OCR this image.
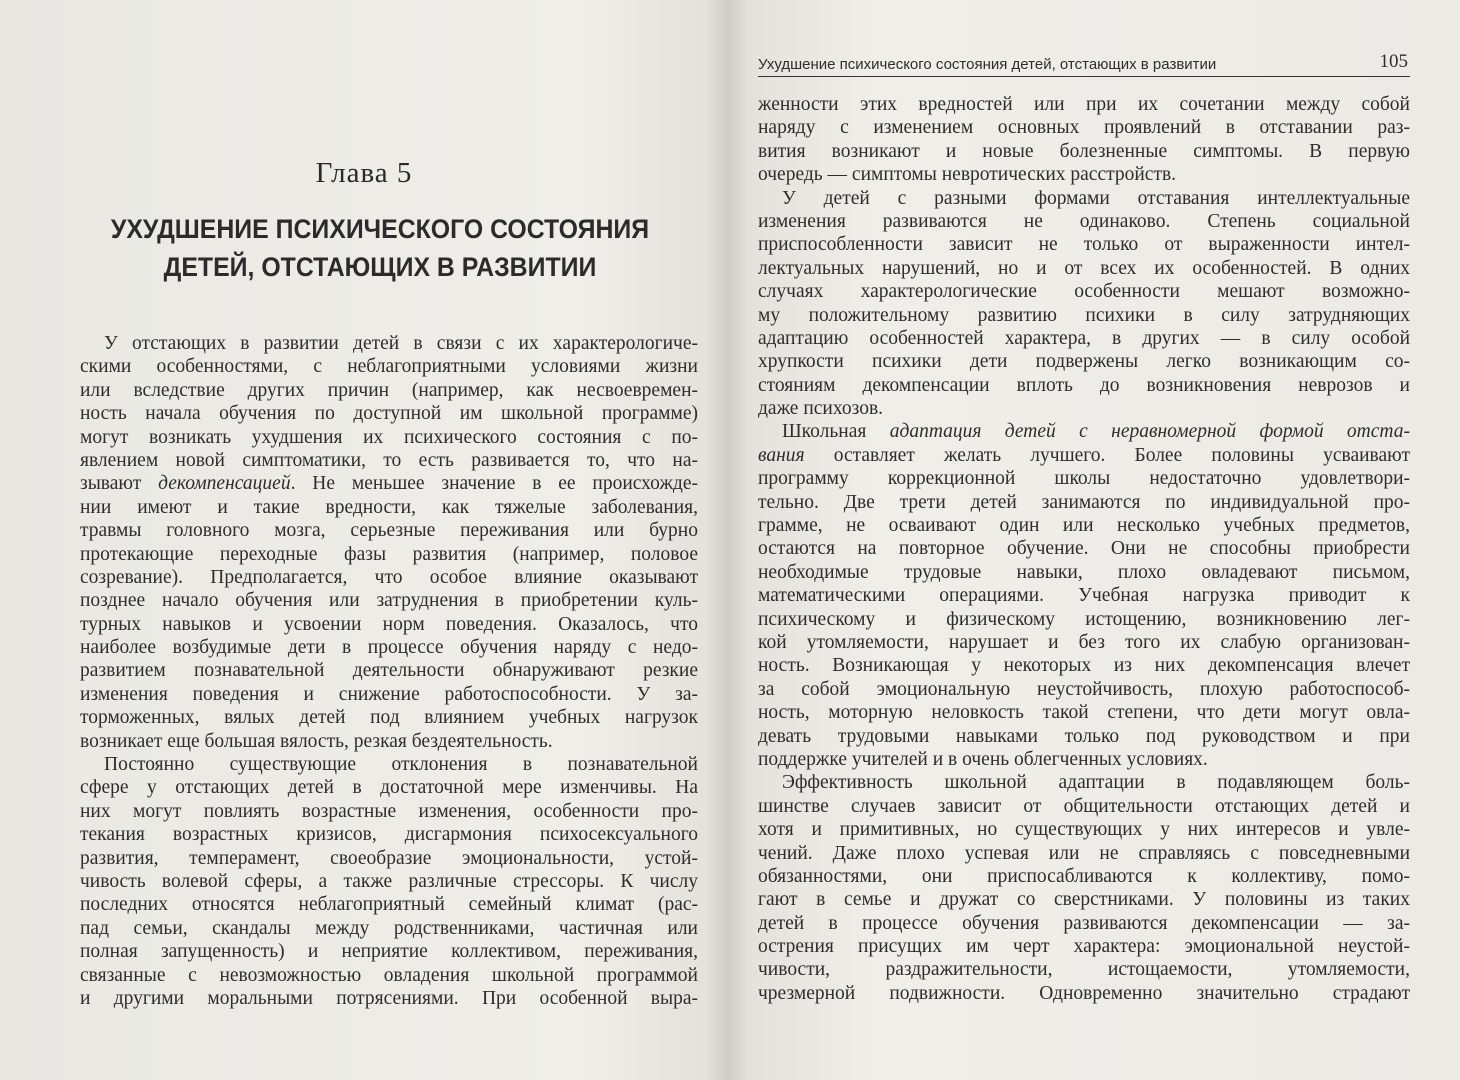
Глава 5
УХУДШЕНИЕ ПСИХИЧЕСКОГО СОСТОЯНИЯ
ДЕТЕЙ, ОТСТАЮЩИХ В РАЗВИТИИ
У отстающих в развитии детей в связи с их характерологиче-
скими особенностями, с неблагоприятными условиями жизни
или вследствие других причин (например, как несвоевремен-
ность начала обучения по доступной им школьной программе)
могут возникать ухудшения их психического состояния с по-
явлением новой симптоматики, то есть развивается то, что на-
зывают декомпенсацией. Не меньшее значение в ее происхожде-
нии имеют и такие вредности, как тяжелые заболевания,
травмы головного мозга, серьезные переживания или бурно
протекающие переходные фазы развития (например, половое
созревание). Предполагается, что особое влияние оказывают
позднее начало обучения или затруднения в приобретении куль-
турных навыков и усвоении норм поведения. Оказалось, что
наиболее возбудимые дети в процессе обучения наряду с недо-
развитием познавательной деятельности обнаруживают резкие
изменения поведения и снижение работоспособности. У за-
торможенных, вялых детей под влиянием учебных нагрузок
возникает еще большая вялость, резкая бездеятельность.
Постоянно существующие отклонения в познавательной
сфере у отстающих детей в достаточной мере изменчивы. На
них могут повлиять возрастные изменения, особенности про-
текания возрастных кризисов, дисгармония психосексуального
развития, темперамент, своеобразие эмоциональности, устой-
чивость волевой сферы, а также различные стрессоры. К числу
последних относятся неблагоприятный семейный климат (рас-
пад семьи, скандалы между родственниками, частичная или
полная запущенность) и неприятие коллективом, переживания,
связанные с невозможностью овладения школьной программой
и другими моральными потрясениями. При особенной выра-
Ухудшение психического состояния детей, отстающих в развитии	105
женности этих вредностей или при их сочетании между собой
наряду с изменением основных проявлений в отставании раз-
вития возникают и новые болезненные симптомы. В первую
очередь — симптомы невротических расстройств.
У детей с разными формами отставания интеллектуальные
изменения развиваются не одинаково. Степень социальной
приспособленности зависит не только от выраженности интел-
лектуальных нарушений, но и от всех их особенностей. В одних
случаях характерологические особенности мешают возможно-
му положительному развитию психики в силу затрудняющих
адаптацию особенностей характера, в других — в силу особой
хрупкости психики дети подвержены легко возникающим со-
стояниям декомпенсации вплоть до возникновения неврозов и
даже психозов.
Школьная адаптация детей с неравномерной формой отста-
вания оставляет желать лучшего. Более половины усваивают
программу коррекционной школы недостаточно удовлетвори-
тельно. Две трети детей занимаются по индивидуальной про-
грамме, не осваивают один или несколько учебных предметов,
остаются на повторное обучение. Они не способны приобрести
необходимые трудовые навыки, плохо овладевают письмом,
математическими операциями. Учебная нагрузка приводит к
психическому и физическому истощению, возникновению лег-
кой утомляемости, нарушает и без того их слабую организован-
ность. Возникающая у некоторых из них декомпенсация влечет
за собой эмоциональную неустойчивость, плохую работоспособ-
ность, моторную неловкость такой степени, что дети могут овла-
девать трудовыми навыками только под руководством и при
поддержке учителей и в очень облегченных условиях.
Эффективность школьной адаптации в подавляющем боль-
шинстве случаев зависит от общительности отстающих детей и
хотя и примитивных, но существующих у них интересов и увле-
чений. Даже плохо успевая или не справляясь с повседневными
обязанностями, они приспосабливаются к коллективу, помо-
гают в семье и дружат со сверстниками. У половины из таких
детей в процессе обучения развиваются декомпенсации — за-
острения присущих им черт характера: эмоциональной неустой-
чивости, раздражительности, истощаемости, утомляемости,
чрезмерной подвижности. Одновременно значительно страдают
